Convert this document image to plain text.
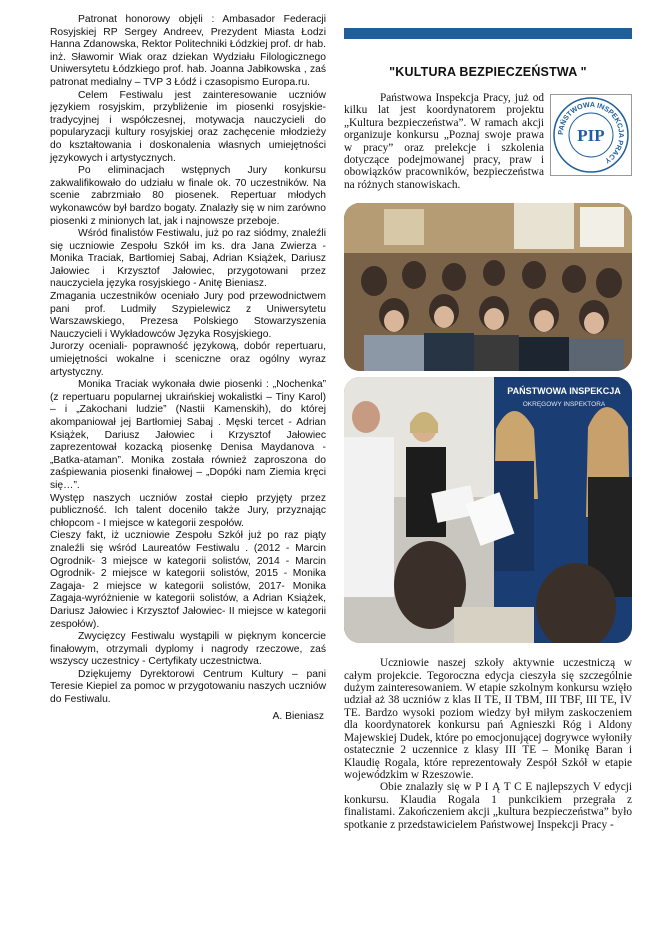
Patronat honorowy objęli : Ambasador Federacji Rosyjskiej RP Sergey Andreev, Prezydent Miasta Łodzi Hanna Zdanowska, Rektor Politechniki Łódzkiej prof. dr hab. inż. Sławomir Wiak oraz dziekan Wydziału Filologicznego Uniwersytetu Łódzkiego prof. hab. Joanna Jabłkowska , zaś patronat medialny – TVP 3 Łódź i czasopismo Europa.ru.

Celem Festiwalu jest zainteresowanie uczniów językiem rosyjskim, przybliżenie im piosenki rosyjskie-tradycyjnej i współczesnej, motywacja nauczycieli do popularyzacji kultury rosyjskiej oraz zachęcenie młodzieży do kształtowania i doskonalenia własnych umiejętności językowych i artystycznych.

Po eliminacjach wstępnych Jury konkursu zakwalifikowało do udziału w finale ok. 70 uczestników. Na scenie zabrzmiało 80 piosenek. Repertuar młodych wykonawców był bardzo bogaty. Znalazły się w nim zarówno piosenki z minionych lat, jak i najnowsze przeboje.

Wśród finalistów Festiwalu, już po raz siódmy, znaleźli się uczniowie Zespołu Szkół im ks. dra Jana Zwierza - Monika Traciak, Bartłomiej Sabaj, Adrian Książek, Dariusz Jałowiec i Krzysztof Jałowiec, przygotowani przez nauczyciela języka rosyjskiego - Anitę Bieniasz.

Zmagania uczestników oceniało Jury pod przewodnictwem pani prof. Ludmiły Szypielewicz z Uniwersytetu Warszawskiego, Prezesa Polskiego Stowarzyszenia Nauczycieli i Wykładowców Języka Rosyjskiego.

Jurorzy oceniali- poprawność językową, dobór repertuaru, umiejętności wokalne i sceniczne oraz ogólny wyraz artystyczny.

Monika Traciak wykonała dwie piosenki : „Nochenka” (z repertuaru popularnej ukraińskiej wokalistki – Tiny Karol) – i „Zakochani ludzie” (Nastii Kamenskih), do której akompaniował jej Bartłomiej Sabaj . Męski tercet - Adrian Książek, Dariusz Jałowiec i Krzysztof Jałowiec zaprezentował kozacką piosenkę Denisa Maydanova - „Batka-ataman”. Monika została również zaproszona do zaśpiewania piosenki finałowej – „Dopóki nam Ziemia kręci się…”.

Występ naszych uczniów został ciepło przyjęty przez publiczność. Ich talent doceniło także Jury, przyznając chłopcom - I miejsce w kategorii zespołów.

Cieszy fakt, iż uczniowie Zespołu Szkół już po raz piąty znaleźli się wśród Laureatów Festiwalu . (2012 - Marcin Ogrodnik- 3 miejsce w kategorii solistów, 2014 - Marcin Ogrodnik- 2 miejsce w kategorii solistów, 2015 - Monika Zagaja- 2 miejsce w kategorii solistów, 2017- Monika Zagaja-wyróżnienie w kategorii solistów, a Adrian Książek, Dariusz Jałowiec i Krzysztof Jałowiec- II miejsce w kategorii zespołów).

Zwycięzcy Festiwalu wystąpili w pięknym koncercie finałowym, otrzymali dyplomy i nagrody rzeczowe, zaś wszyscy uczestnicy - Certyfikaty uczestnictwa.

Dziękujemy Dyrektorowi Centrum Kultury – pani Teresie Kiepiel za pomoc w przygotowaniu naszych uczniów do Festiwalu.

A. Bieniasz

"KULTURA BEZPIECZEŃSTWA "
PAŃSTWOWA INSPEKCJA PRACY
PIP

Państwowa Inspekcja Pracy, już od kilku lat jest koordynatorem projektu „Kultura bezpieczeństwa”. W ramach akcji organizuje konkursu „Poznaj swoje prawa w pracy” oraz prelekcje i szkolenia dotyczące podejmowanej pracy, praw i obowiązków pracowników, bezpieczeństwa na różnych stanowiskach.

PAŃSTWOWA INSPEKCJA
OKRĘGOWY INSPEKTORA

Uczniowie naszej szkoły aktywnie uczestniczą w całym projekcie. Tegoroczna edycja cieszyła się szczególnie dużym zainteresowaniem. W etapie szkolnym konkursu wzięło udział aż 38 uczniów z klas II TE, II TBM, III TBF, III TE, IV TE. Bardzo wysoki poziom wiedzy był miłym zaskoczeniem dla koordynatorek konkursu pań Agnieszki Róg i Aldony Majewskiej Dudek, które po emocjonującej dogrywce wyłoniły ostatecznie 2 uczennice z klasy III TE – Monikę Baran i Klaudię Rogala, które reprezentowały Zespół Szkół w etapie wojewódzkim w Rzeszowie.

Obie znalazły się w P I Ą T C E najlepszych V edycji konkursu. Klaudia Rogala 1 punkcikiem przegrała z finalistami. Zakończeniem akcji „kultura bezpieczeństwa” było spotkanie z przedstawicielem Państwowej Inspekcji Pracy -
